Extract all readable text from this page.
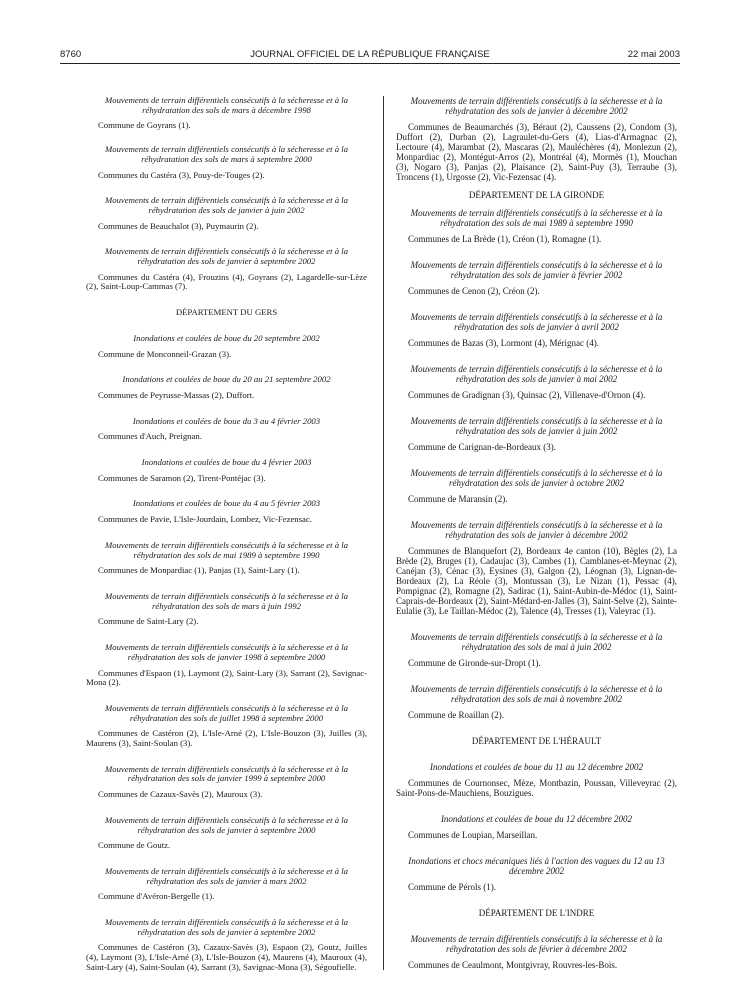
8760	JOURNAL OFFICIEL DE LA RÉPUBLIQUE FRANÇAISE	22 mai 2003
Mouvements de terrain différentiels consécutifs à la sécheresse et à la réhydratation des sols de mars à décembre 1998
Commune de Goyrans (1).
Mouvements de terrain différentiels consécutifs à la sécheresse et à la réhydratation des sols de mars à septembre 2000
Communes du Castéra (3), Pouy-de-Touges (2).
Mouvements de terrain différentiels consécutifs à la sécheresse et à la réhydratation des sols de janvier à juin 2002
Communes de Beauchalot (3), Puymaurin (2).
Mouvements de terrain différentiels consécutifs à la sécheresse et à la réhydratation des sols de janvier à septembre 2002
Communes du Castéra (4), Frouzins (4), Goyrans (2), Lagardelle-sur-Lèze (2), Saint-Loup-Cammas (7).
DÉPARTEMENT DU GERS
Inondations et coulées de boue du 20 septembre 2002
Commune de Monconneil-Grazan (3).
Inondations et coulées de boue du 20 au 21 septembre 2002
Communes de Peyrusse-Massas (2), Duffort.
Inondations et coulées de boue du 3 au 4 février 2003
Communes d'Auch, Preignan.
Inondations et coulées de boue du 4 février 2003
Communes de Saramon (2), Tirent-Pontéjac (3).
Inondations et coulées de boue du 4 au 5 février 2003
Communes de Pavie, L'Isle-Jourdain, Lombez, Vic-Fezensac.
Mouvements de terrain différentiels consécutifs à la sécheresse et à la réhydratation des sols de mai 1989 à septembre 1990
Communes de Monpardiac (1), Panjas (1), Saint-Lary (1).
Mouvements de terrain différentiels consécutifs à la sécheresse et à la réhydratation des sols de mars à juin 1992
Commune de Saint-Lary (2).
Mouvements de terrain différentiels consécutifs à la sécheresse et à la réhydratation des sols de janvier 1998 à septembre 2000
Communes d'Espaon (1), Laymont (2), Saint-Lary (3), Sarrant (2), Savignac-Mona (2).
Mouvements de terrain différentiels consécutifs à la sécheresse et à la réhydratation des sols de juillet 1998 à septembre 2000
Communes de Castéron (2), L'Isle-Arné (2), L'Isle-Bouzon (3), Juilles (3), Maurens (3), Saint-Soulan (3).
Mouvements de terrain différentiels consécutifs à la sécheresse et à la réhydratation des sols de janvier 1999 à septembre 2000
Communes de Cazaux-Savès (2), Mauroux (3).
Mouvements de terrain différentiels consécutifs à la sécheresse et à la réhydratation des sols de janvier à septembre 2000
Commune de Goutz.
Mouvements de terrain différentiels consécutifs à la sécheresse et à la réhydratation des sols de janvier à mars 2002
Commune d'Avéron-Bergelle (1).
Mouvements de terrain différentiels consécutifs à la sécheresse et à la réhydratation des sols de janvier à septembre 2002
Communes de Castéron (3), Cazaux-Savès (3), Espaon (2), Goutz, Juilles (4), Laymont (3), L'Isle-Arné (3), L'Isle-Bouzon (4), Maurens (4), Mauroux (4), Saint-Lary (4), Saint-Soulan (4), Sarrant (3), Savignac-Mona (3), Ségoufielle.
Mouvements de terrain différentiels consécutifs à la sécheresse et à la réhydratation des sols de janvier à décembre 2002
Communes de Beaumarchés (3), Béraut (2), Caussens (2), Condom (3), Duffort (2), Durban (2), Lagraulet-du-Gers (4), Lias-d'Armagnac (2), Lectoure (4), Marambat (2), Mascaras (2), Mauléchères (4), Monlezun (2), Monpardiac (2), Montégut-Arros (2), Montréal (4), Mormès (1), Mouchan (3), Nogaro (3), Panjas (2), Plaisance (2), Saint-Puy (3), Terraube (3), Troncens (1), Urgosse (2), Vic-Fezensac (4).
DÉPARTEMENT DE LA GIRONDE
Mouvements de terrain différentiels consécutifs à la sécheresse et à la réhydratation des sols de mai 1989 à septembre 1990
Communes de La Brède (1), Créon (1), Romagne (1).
Mouvements de terrain différentiels consécutifs à la sécheresse et à la réhydratation des sols de janvier à février 2002
Communes de Cenon (2), Créon (2).
Mouvements de terrain différentiels consécutifs à la sécheresse et à la réhydratation des sols de janvier à avril 2002
Communes de Bazas (3), Lormont (4), Mérignac (4).
Mouvements de terrain différentiels consécutifs à la sécheresse et à la réhydratation des sols de janvier à mai 2002
Communes de Gradignan (3), Quinsac (2), Villenave-d'Ornon (4).
Mouvements de terrain différentiels consécutifs à la sécheresse et à la réhydratation des sols de janvier à juin 2002
Commune de Carignan-de-Bordeaux (3).
Mouvements de terrain différentiels consécutifs à la sécheresse et à la réhydratation des sols de janvier à octobre 2002
Commune de Maransin (2).
Mouvements de terrain différentiels consécutifs à la sécheresse et à la réhydratation des sols de janvier à décembre 2002
Communes de Blanquefort (2), Bordeaux 4e canton (10), Bègles (2), La Brède (2), Bruges (1), Cadaujac (3), Cambes (1), Camblanes-et-Meynac (2), Canéjan (3), Cénac (3), Eysines (3), Galgon (2), Léognan (3), Lignan-de-Bordeaux (2), La Réole (3), Montussan (3), Le Nizan (1), Pessac (4), Pompignac (2), Romagne (2), Sadirac (1), Saint-Aubin-de-Médoc (1), Saint-Caprais-de-Bordeaux (2), Saint-Médard-en-Jalles (3), Saint-Selve (2), Sainte-Eulalie (3), Le Taillan-Médoc (2), Talence (4), Tresses (1), Valeyrac (1).
Mouvements de terrain différentiels consécutifs à la sécheresse et à la réhydratation des sols de mai à juin 2002
Commune de Gironde-sur-Dropt (1).
Mouvements de terrain différentiels consécutifs à la sécheresse et à la réhydratation des sols de mai à novembre 2002
Commune de Roaillan (2).
DÉPARTEMENT DE L'HÉRAULT
Inondations et coulées de boue du 11 au 12 décembre 2002
Communes de Cournonsec, Mèze, Montbazin, Poussan, Villeveyrac (2), Saint-Pons-de-Mauchiens, Bouzigues.
Inondations et coulées de boue du 12 décembre 2002
Communes de Loupian, Marseillan.
Inondations et chocs mécaniques liés à l'action des vagues du 12 au 13 décembre 2002
Commune de Pérols (1).
DÉPARTEMENT DE L'INDRE
Mouvements de terrain différentiels consécutifs à la sécheresse et à la réhydratation des sols de février à décembre 2002
Communes de Ceaulmont, Montgivray, Rouvres-les-Bois.
